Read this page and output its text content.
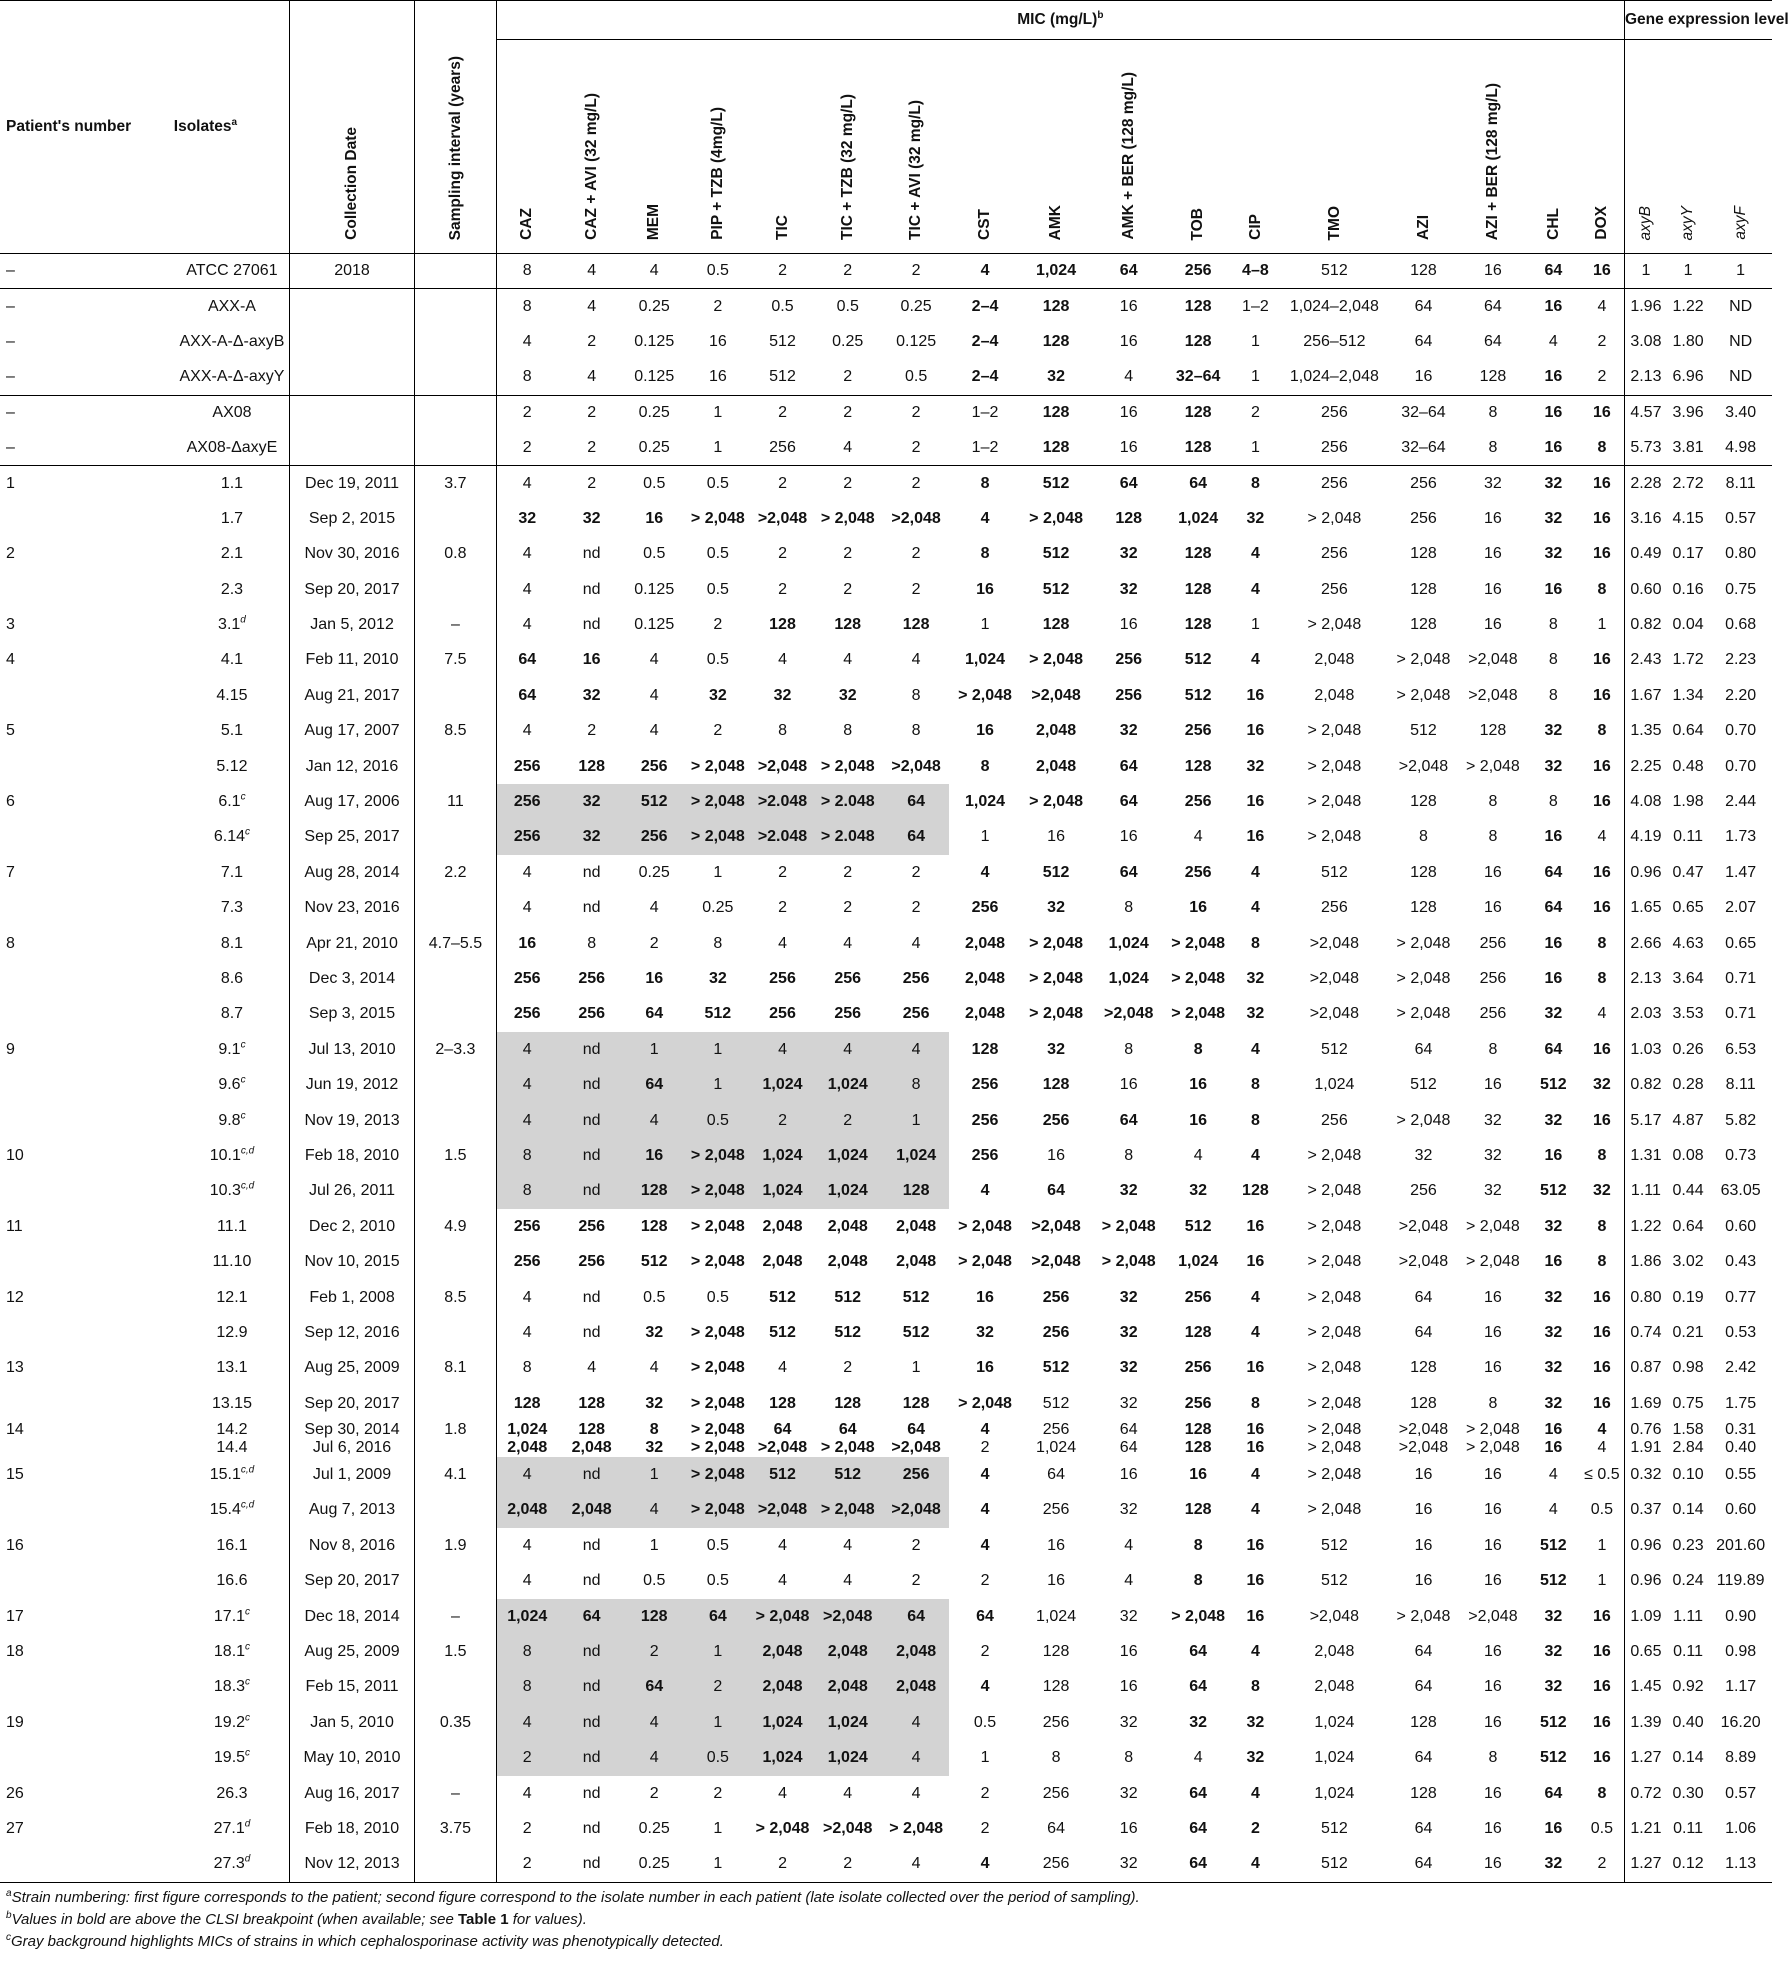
Patient's number Isolates$^a$		Collection Date	Sampling interval (years)	MIC $(mg/L)^b$																	Gene expression level		
				CAZ	CAZ + AVI (32 mg/L)	MEM	PIP + TZB (4mg/L)	TIC	TIC + TZB (32 mg/L)	TIC + AVI (32 mg/L)	CST	AMK	AMK + BER (128 mg/L)	TOB	CIP	TMO	AZI	AZI + BER (128 mg/L)	CHL	DOX	axyB	axyY	axyF
–	ATCC 27061	2018		8	4	4	0.5	2	2	2	4	1,024	64	256	4–8	512	128	16	64	16	1	1	1
–	AXX-A			8	4	0.25	2	0.5	0.5	0.25	2–4	128	16	128	1–2	1,024–2,048	64	64	16	4	1.96	1.22	ND
–	AXX-A-Δ-axyB			4	2	0.125	16	512	0.25	0.125	2–4	128	16	128	1	256–512	64	64	4	2	3.08	1.80	ND
–	AXX-A-Δ-axyY			8	4	0.125	16	512	2	0.5	2–4	32	4	32–64	1	1,024–2,048	16	128	16	2	2.13	6.96	ND
–	AX08			2	2	0.25	1	2	2	2	1–2	128	16	128	2	256	32–64	8	16	16	4.57	3.96	3.40
–	AX08-ΔaxyE			2	2	0.25	1	256	4	2	1–2	128	16	128	1	256	32–64	8	16	8	5.73	3.81	4.98
1	1.1	Dec 19, 2011	3.7	4	2	0.5	0.5	2	2	2	8	512	64	64	8	256	256	32	32	16	2.28	2.72	8.11
	1.7	Sep 2, 2015		32	32	16	> 2,048	>2,048	> 2,048	>2,048	4	> 2,048	128	1,024	32	> 2,048	256	16	32	16	3.16	4.15	0.57
2	2.1	Nov 30, 2016	0.8	4	nd	0.5	0.5	2	2	2	8	512	32	128	4	256	128	16	32	16	0.49	0.17	0.80
	2.3	Sep 20, 2017		4	nd	0.125	0.5	2	2	2	16	512	32	128	4	256	128	16	16	8	0.60	0.16	0.75
3	3.1$^d$	Jan 5, 2012	–	4	nd	0.125	2	128	128	128	1	128	16	128	1	> 2,048	128	16	8	1	0.82	0.04	0.68
4	4.1	Feb 11, 2010	7.5	64	16	4	0.5	4	4	4	1,024	> 2,048	256	512	4	2,048	> 2,048	>2,048	8	16	2.43	1.72	2.23
	4.15	Aug 21, 2017		64	32	4	32	32	32	8	> 2,048	>2,048	256	512	16	2,048	> 2,048	>2,048	8	16	1.67	1.34	2.20
5	5.1	Aug 17, 2007	8.5	4	2	4	2	8	8	8	16	2,048	32	256	16	> 2,048	512	128	32	8	1.35	0.64	0.70
	5.12	Jan 12, 2016		256	128	256	> 2,048	>2,048	> 2,048	>2,048	8	2,048	64	128	32	> 2,048	>2,048	> 2,048	32	16	2.25	0.48	0.70
6	6.1$^c$	Aug 17, 2006	11	256	32	512	> 2,048	>2.048	> 2.048	64	1,024	> 2,048	64	256	16	> 2,048	128	8	8	16	4.08	1.98	2.44
	6.14$^c$	Sep 25, 2017		256	32	256	> 2,048	>2.048	> 2.048	64	1	16	16	4	16	> 2,048	8	8	16	4	4.19	0.11	1.73
7	7.1	Aug 28, 2014	2.2	4	nd	0.25	1	2	2	2	4	512	64	256	4	512	128	16	64	16	0.96	0.47	1.47
	7.3	Nov 23, 2016		4	nd	4	0.25	2	2	2	256	32	8	16	4	256	128	16	64	16	1.65	0.65	2.07
8	8.1	Apr 21, 2010	4.7–5.5	16	8	2	8	4	4	4	2,048	> 2,048	1,024	> 2,048	8	>2,048	> 2,048	256	16	8	2.66	4.63	0.65
	8.6	Dec 3, 2014		256	256	16	32	256	256	256	2,048	> 2,048	1,024	> 2,048	32	>2,048	> 2,048	256	16	8	2.13	3.64	0.71
	8.7	Sep 3, 2015		256	256	64	512	256	256	256	2,048	> 2,048	>2,048	> 2,048	32	>2,048	> 2,048	256	32	4	2.03	3.53	0.71
9	9.1$^c$	Jul 13, 2010	2–3.3	4	nd	1	1	4	4	4	128	32	8	8	4	512	64	8	64	16	1.03	0.26	6.53
	9.6$^c$	Jun 19, 2012		4	nd	64	1	1,024	1,024	8	256	128	16	16	8	1,024	512	16	512	32	0.82	0.28	8.11
	9.8$^c$	Nov 19, 2013		4	nd	4	0.5	2	2	1	256	256	64	16	8	256	> 2,048	32	32	16	5.17	4.87	5.82
10	10.1$^{c,d}$	Feb 18, 2010	1.5	8	nd	16	> 2,048	1,024	1,024	1,024	256	16	8	4	4	> 2,048	32	32	16	8	1.31	0.08	0.73
	10.3$^{c,d}$	Jul 26, 2011		8	nd	128	> 2,048	1,024	1,024	128	4	64	32	32	128	> 2,048	256	32	512	32	1.11	0.44	63.05
11	11.1	Dec 2, 2010	4.9	256	256	128	> 2,048	2,048	2,048	2,048	> 2,048	>2,048	> 2,048	512	16	> 2,048	>2,048	> 2,048	32	8	1.22	0.64	0.60
	11.10	Nov 10, 2015		256	256	512	> 2,048	2,048	2,048	2,048	> 2,048	>2,048	> 2,048	1,024	16	> 2,048	>2,048	> 2,048	16	8	1.86	3.02	0.43
12	12.1	Feb 1, 2008	8.5	4	nd	0.5	0.5	512	512	512	16	256	32	256	4	> 2,048	64	16	32	16	0.80	0.19	0.77
	12.9	Sep 12, 2016		4	nd	32	> 2,048	512	512	512	32	256	32	128	4	> 2,048	64	16	32	16	0.74	0.21	0.53
13	13.1	Aug 25, 2009	8.1	8	4	4	> 2,048	4	2	1	16	512	32	256	16	> 2,048	128	16	32	16	0.87	0.98	2.42
	13.15	Sep 20, 2017		128	128	32	> 2,048	128	128	128	> 2,048	512	32	256	8	> 2,048	128	8	32	16	1.69	0.75	1.75
14	14.2	Sep 30, 2014	1.8	1,024	128	8	> 2,048	64	64	64	4	256	64	128	16	> 2,048	>2,048	> 2,048	16	4	0.76	1.58	0.31
	14.4	Jul 6, 2016		2,048	2,048	32	> 2,048	>2,048	> 2,048	>2,048	2	1,024	64	128	16	> 2,048	>2,048	> 2,048	16	4	1.91	2.84	0.40
15	15.1$^{c,d}$	Jul 1, 2009	4.1	4	nd	1	> 2,048	512	512	256	4	64	16	16	4	> 2,048	16	16	4	≤ 0.5	0.32	0.10	0.55
	15.4$^{c,d}$	Aug 7, 2013		2,048	2,048	4	> 2,048	>2,048	> 2,048	>2,048	4	256	32	128	4	> 2,048	16	16	4	0.5	0.37	0.14	0.60
16	16.1	Nov 8, 2016	1.9	4	nd	1	0.5	4	4	2	4	16	4	8	16	512	16	16	512	1	0.96	0.23	201.60
	16.6	Sep 20, 2017		4	nd	0.5	0.5	4	4	2	2	16	4	8	16	512	16	16	512	1	0.96	0.24	119.89
17	17.1$^c$	Dec 18, 2014	–	1,024	64	128	64	> 2,048	>2,048	64	64	1,024	32	> 2,048	16	>2,048	> 2,048	>2,048	32	16	1.09	1.11	0.90
18	18.1$^c$	Aug 25, 2009	1.5	8	nd	2	1	2,048	2,048	2,048	2	128	16	64	4	2,048	64	16	32	16	0.65	0.11	0.98
	18.3$^c$	Feb 15, 2011		8	nd	64	2	2,048	2,048	2,048	4	128	16	64	8	2,048	64	16	32	16	1.45	0.92	1.17
19	19.2$^c$	Jan 5, 2010	0.35	4	nd	4	1	1,024	1,024	4	0.5	256	32	32	32	1,024	128	16	512	16	1.39	0.40	16.20
	19.5$^c$	May 10, 2010		2	nd	4	0.5	1,024	1,024	4	1	8	8	4	32	1,024	64	8	512	16	1.27	0.14	8.89
26	26.3	Aug 16, 2017	–	4	nd	2	2	4	4	4	2	256	32	64	4	1,024	128	16	64	8	0.72	0.30	0.57
27	27.1$^d$	Feb 18, 2010	3.75	2	nd	0.25	1	> 2,048	>2,048	> 2,048	2	64	16	64	2	512	64	16	16	0.5	1.21	0.11	1.06
	27.3$^d$	Nov 12, 2013		2	nd	0.25	1	2	2	4	4	256	32	64	4	512	64	16	32	2	1.27	0.12	1.13
$^a$Strain numbering: first figure corresponds to the patient; second figure correspond to the isolate number in each patient (late isolate collected over the period of sampling).
$^b$Values in bold are above the CLSI breakpoint (when available; see Table 1 for values).
$^c$Gray background highlights MICs of strains in which cephalosporinase activity was phenotypically detected.
